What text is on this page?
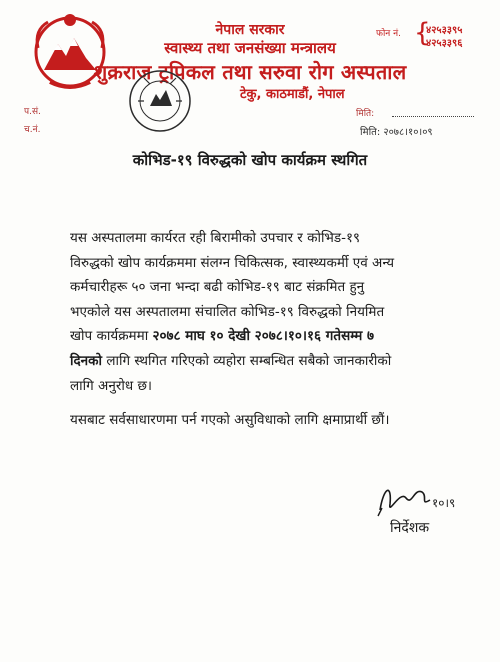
नेपाल सरकार
स्वास्थ्य तथा जनसंख्या मन्त्रालय
शुक्रराज ट्रपिकल तथा सरुवा रोग अस्पताल
टेकु, काठमाडौं, नेपाल
फोन नं. {
४२५३३९५
४२५३३९६
प.सं.
च.नं.
मिति:
मिति: २०७८।१०।०९
कोभिड-१९ विरुद्धको खोप कार्यक्रम स्थगित
यस अस्पतालमा कार्यरत रही बिरामीको उपचार र कोभिड-१९
विरुद्धको खोप कार्यक्रममा संलग्न चिकित्सक, स्वास्थ्यकर्मी एवं अन्य
कर्मचारीहरू ५० जना भन्दा बढी कोभिड-१९ बाट संक्रमित हुनु
भएकोले यस अस्पतालमा संचालित कोभिड-१९ विरुद्धको नियमित
खोप कार्यक्रममा २०७८ माघ १० देखी २०७८।१०।१६ गतेसम्म ७
दिनको लागि स्थगित गरिएको व्यहोरा सम्बन्धित सबैको जानकारीको
लागि अनुरोध छ।
यसबाट सर्वसाधारणमा पर्न गएको असुविधाको लागि क्षमाप्रार्थी छौं।
१०।९
निर्देशक
